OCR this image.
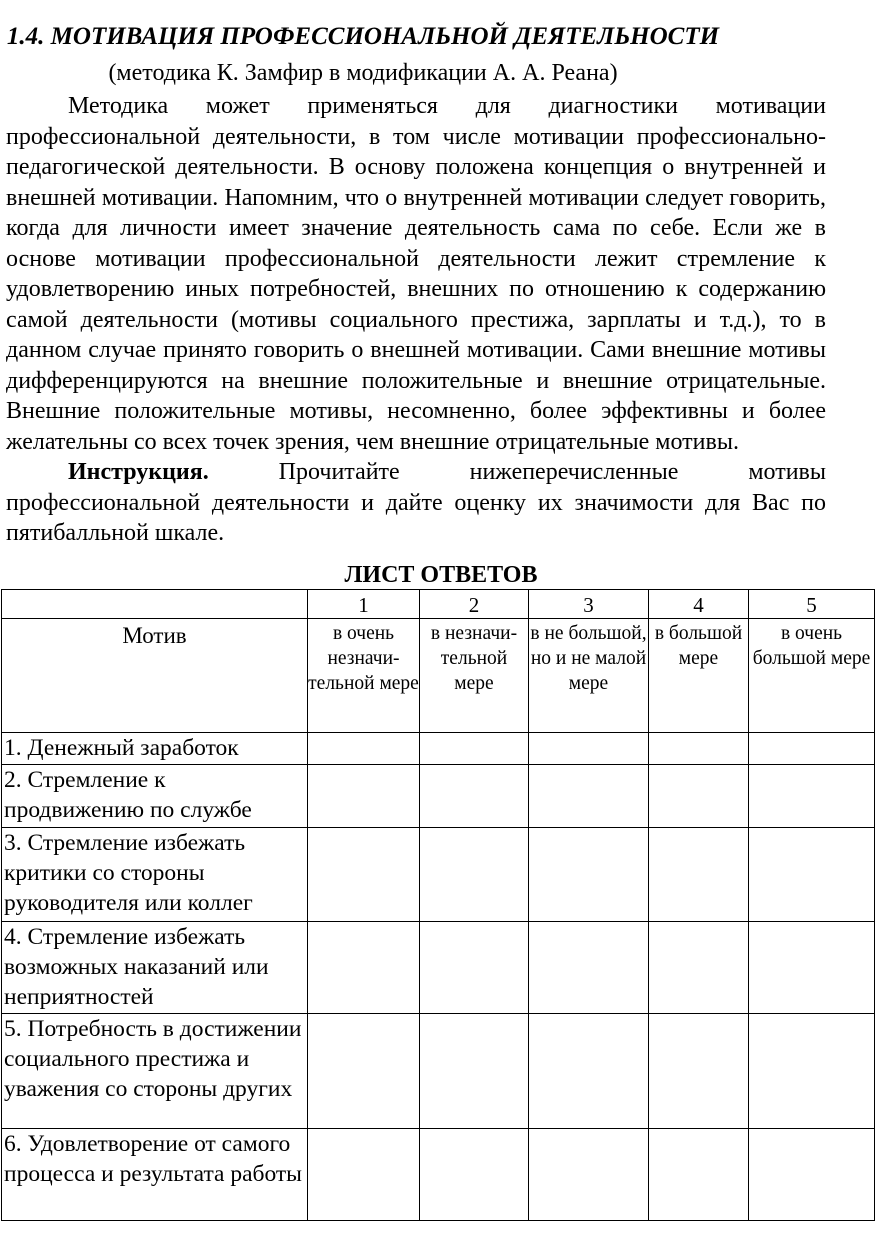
1.4. МОТИВАЦИЯ ПРОФЕССИОНАЛЬНОЙ ДЕЯТЕЛЬНОСТИ
(методика К. Замфир в модификации А. А. Реана)

Методика может применяться для диагностики мотивации профессиональной деятельности, в том числе мотивации профессионально-педагогической деятельности. В основу положена концепция о внутренней и внешней мотивации. Напомним, что о внутренней мотивации следует говорить, когда для личности имеет значение деятельность сама по себе. Если же в основе мотивации профессиональной деятельности лежит стремление к удовлетворению иных потребностей, внешних по отношению к содержанию самой деятельности (мотивы социального престижа, зарплаты и т.д.), то в данном случае принято говорить о внешней мотивации. Сами внешние мотивы дифференцируются на внешние положительные и внешние отрицательные. Внешние положительные мотивы, несомненно, более эффективны и более желательны со всех точек зрения, чем внешние отрицательные мотивы.

Инструкция.	Прочитайте нижеперечисленные мотивы профессиональной деятельности и дайте оценку их значимости для Вас по пятибалльной шкале.

ЛИСТ ОТВЕТОВ
	1	2	3	4	5
Мотив	в очень незначи-тельной мере	в незначи-тельной мере	в не большой, но и не малой мере	в большой мере	в очень большой мере
1. Денежный заработок					
2. Стремление к продвижению по службе					
3. Стремление избежать критики со стороны руководителя или коллег					
4. Стремление избежать возможных наказаний или неприятностей					
5. Потребность в достижении социального престижа и уважения со стороны других					
6. Удовлетворение от самого процесса и результата работы					
